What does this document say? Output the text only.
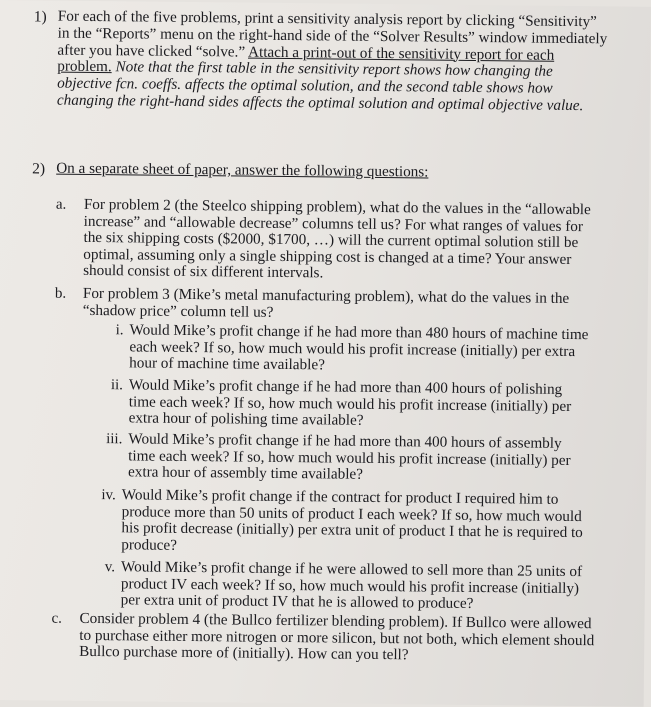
1) For each of the five problems, print a sensitivity analysis report by clicking “Sensitivity” in the “Reports” menu on the right-hand side of the “Solver Results” window immediately after you have clicked “solve.” Attach a print-out of the sensitivity report for each problem. Note that the first table in the sensitivity report shows how changing the objective fcn. coeffs. affects the optimal solution, and the second table shows how changing the right-hand sides affects the optimal solution and optimal objective value.
2) On a separate sheet of paper, answer the following questions:
a. For problem 2 (the Steelco shipping problem), what do the values in the “allowable increase” and “allowable decrease” columns tell us? For what ranges of values for the six shipping costs ($2000, $1700, …) will the current optimal solution still be optimal, assuming only a single shipping cost is changed at a time? Your answer should consist of six different intervals.
b. For problem 3 (Mike’s metal manufacturing problem), what do the values in the “shadow price” column tell us?
i. Would Mike’s profit change if he had more than 480 hours of machine time each week? If so, how much would his profit increase (initially) per extra hour of machine time available?
ii. Would Mike’s profit change if he had more than 400 hours of polishing time each week? If so, how much would his profit increase (initially) per extra hour of polishing time available?
iii. Would Mike’s profit change if he had more than 400 hours of assembly time each week? If so, how much would his profit increase (initially) per extra hour of assembly time available?
iv. Would Mike’s profit change if the contract for product I required him to produce more than 50 units of product I each week? If so, how much would his profit decrease (initially) per extra unit of product I that he is required to produce?
v. Would Mike’s profit change if he were allowed to sell more than 25 units of product IV each week? If so, how much would his profit increase (initially) per extra unit of product IV that he is allowed to produce?
c. Consider problem 4 (the Bullco fertilizer blending problem). If Bullco were allowed to purchase either more nitrogen or more silicon, but not both, which element should Bullco purchase more of (initially). How can you tell?
